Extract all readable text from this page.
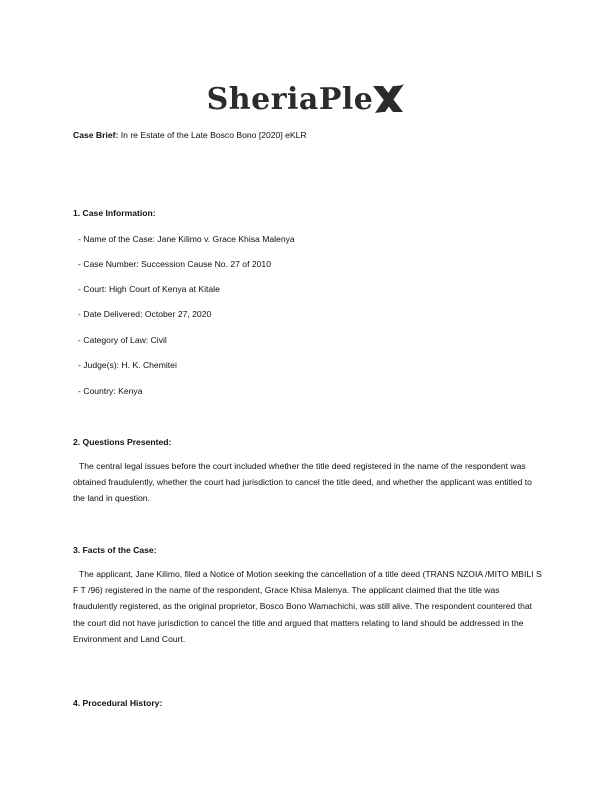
SheriaPle
Case Brief: In re Estate of the Late Bosco Bono [2020] eKLR
1. Case Information:
- Name of the Case: Jane Kilimo v. Grace Khisa Malenya
- Case Number: Succession Cause No. 27 of 2010
- Court: High Court of Kenya at Kitale
- Date Delivered: October 27, 2020
- Category of Law: Civil
- Judge(s): H. K. Chemitei
- Country: Kenya
2. Questions Presented:
The central legal issues before the court included whether the title deed registered in the name of the respondent was obtained fraudulently, whether the court had jurisdiction to cancel the title deed, and whether the applicant was entitled to the land in question.
3. Facts of the Case:
The applicant, Jane Kilimo, filed a Notice of Motion seeking the cancellation of a title deed (TRANS NZOIA /MITO MBILI S F T /96) registered in the name of the respondent, Grace Khisa Malenya. The applicant claimed that the title was fraudulently registered, as the original proprietor, Bosco Bono Wamachichi, was still alive. The respondent countered that the court did not have jurisdiction to cancel the title and argued that matters relating to land should be addressed in the Environment and Land Court.
4. Procedural History:
